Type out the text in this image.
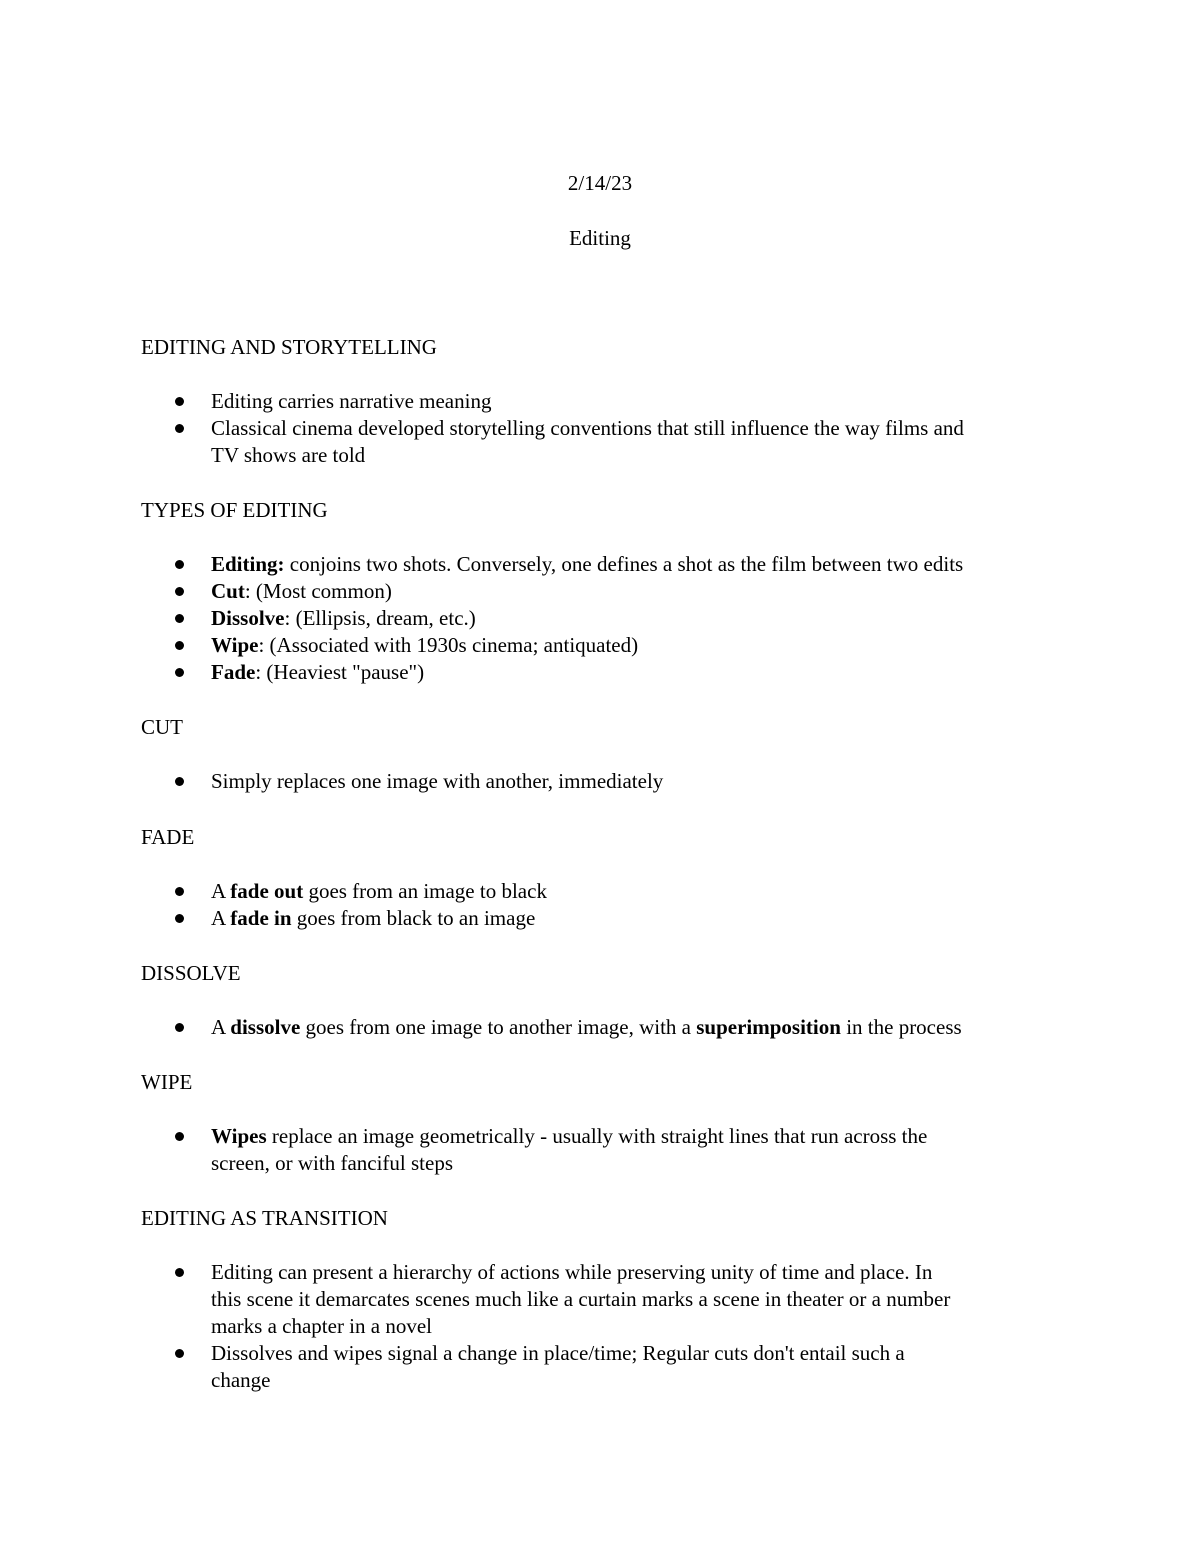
2/14/23
Editing
EDITING AND STORYTELLING
Editing carries narrative meaning
Classical cinema developed storytelling conventions that still influence the way films and
TV shows are told
TYPES OF EDITING
Editing: conjoins two shots. Conversely, one defines a shot as the film between two edits
Cut: (Most common)
Dissolve: (Ellipsis, dream, etc.)
Wipe: (Associated with 1930s cinema; antiquated)
Fade: (Heaviest "pause")
CUT
Simply replaces one image with another, immediately
FADE
A fade out goes from an image to black
A fade in goes from black to an image
DISSOLVE
A dissolve goes from one image to another image, with a superimposition in the process
WIPE
Wipes replace an image geometrically - usually with straight lines that run across the
screen, or with fanciful steps
EDITING AS TRANSITION
Editing can present a hierarchy of actions while preserving unity of time and place. In
this scene it demarcates scenes much like a curtain marks a scene in theater or a number
marks a chapter in a novel
Dissolves and wipes signal a change in place/time; Regular cuts don't entail such a
change
